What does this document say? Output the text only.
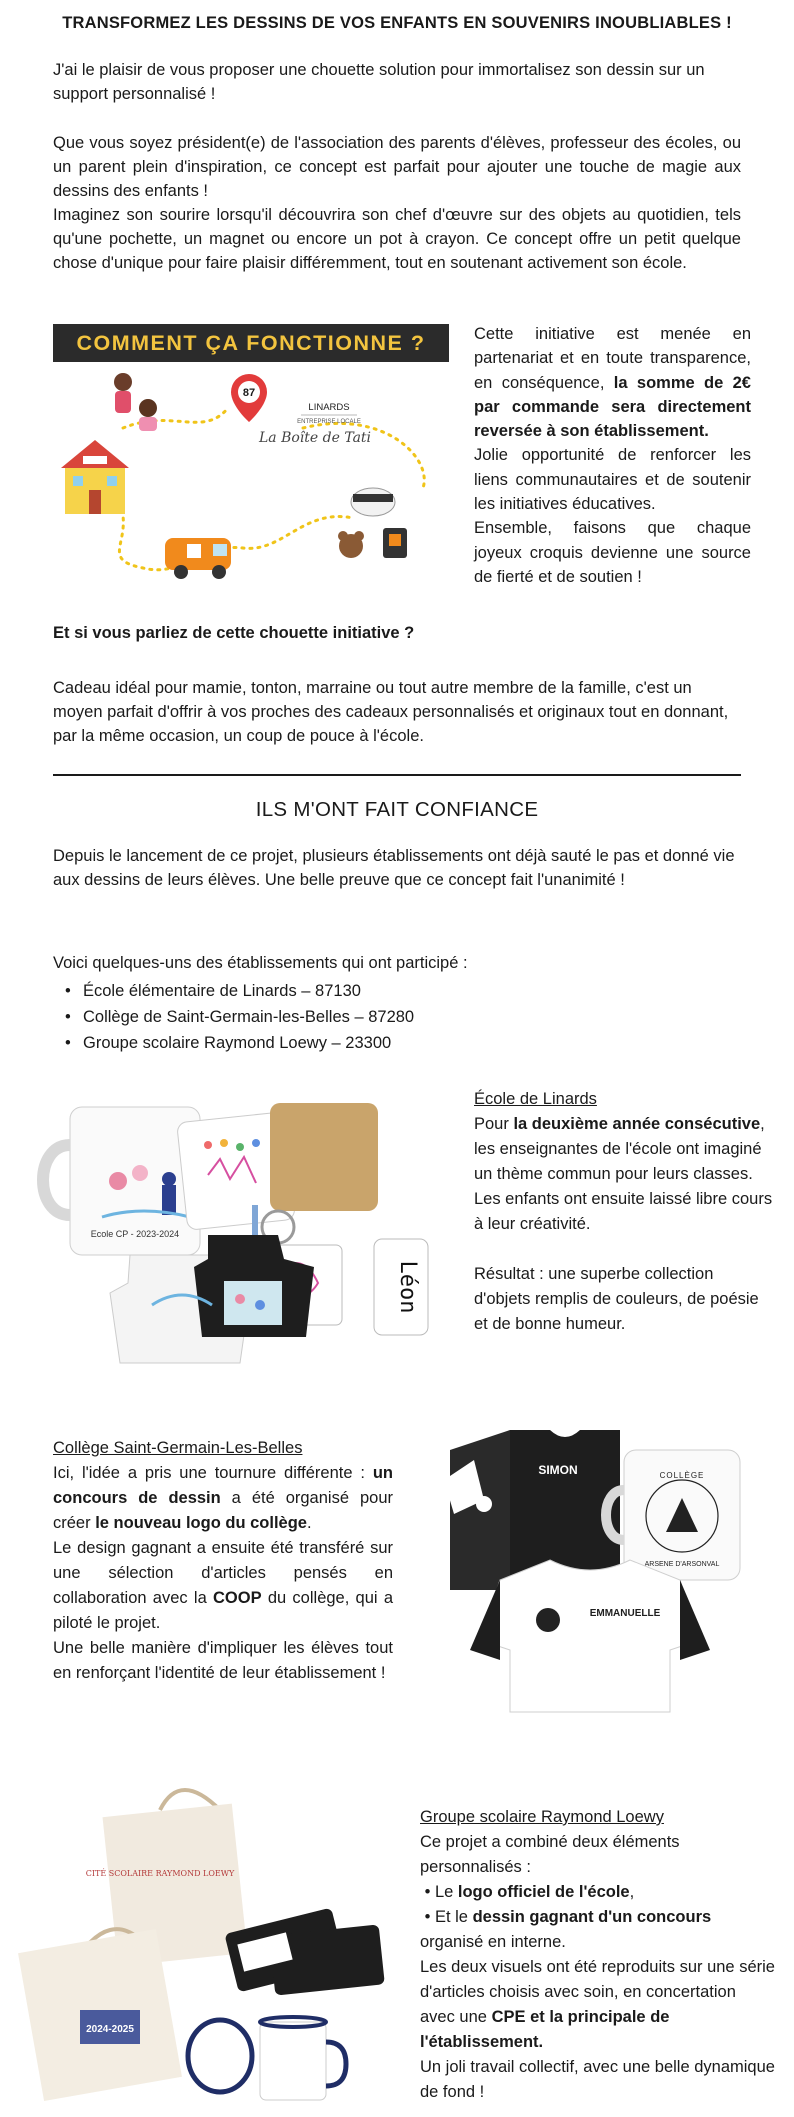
TRANSFORMEZ LES DESSINS DE VOS ENFANTS EN SOUVENIRS INOUBLIABLES !
J'ai le plaisir de vous proposer une chouette solution pour immortalisez son dessin sur un support personnalisé !
Que vous soyez président(e) de l'association des parents d'élèves, professeur des écoles, ou un parent plein d'inspiration, ce concept est parfait pour ajouter une touche de magie aux dessins des enfants !
Imaginez son sourire lorsqu'il découvrira son chef d'œuvre sur des objets au quotidien, tels qu'une pochette, un magnet ou encore un pot à crayon. Ce concept offre un petit quelque chose d'unique pour faire plaisir différemment, tout en soutenant activement son école.
COMMENT ÇA FONCTIONNE ?
87
LINARDS
ENTREPRISE LOCALE
La Boîte de Tati
Cette initiative est menée en partenariat et en toute transparence, en conséquence, la somme de 2€ par commande sera directement reversée à son établissement.
Jolie opportunité de renforcer les liens communautaires et de soutenir les initiatives éducatives.
Ensemble, faisons que chaque joyeux croquis devienne une source de fierté et de soutien !
Et si vous parliez de cette chouette initiative ?
Cadeau idéal pour mamie, tonton, marraine ou tout autre membre de la famille, c'est un moyen parfait d'offrir à vos proches des cadeaux personnalisés et originaux tout en donnant, par la même occasion, un coup de pouce à l'école.
ILS M'ONT FAIT CONFIANCE
Depuis le lancement de ce projet, plusieurs établissements ont déjà sauté le pas et donné vie aux dessins de leurs élèves. Une belle preuve que ce concept fait l'unanimité !
Voici quelques-uns des établissements qui ont participé :
• École élémentaire de Linards – 87130
• Collège de Saint-Germain-les-Belles – 87280
• Groupe scolaire Raymond Loewy – 23300
Ecole CP - 2023-2024
Léon
École de Linards
Pour la deuxième année consécutive, les enseignantes de l'école ont imaginé un thème commun pour leurs classes. Les enfants ont ensuite laissé libre cours à leur créativité.

Résultat : une superbe collection d'objets remplis de couleurs, de poésie et de bonne humeur.
Collège Saint-Germain-Les-Belles
Ici, l'idée a pris une tournure différente : un concours de dessin a été organisé pour créer le nouveau logo du collège.
Le design gagnant a ensuite été transféré sur une sélection d'articles pensés en collaboration avec la COOP du collège, qui a piloté le projet.
Une belle manière d'impliquer les élèves tout en renforçant l'identité de leur établissement !
SIMON	COLLÈGE
ARSENE D'ARSONVAL
EMMANUELLE
CITÉ SCOLAIRE RAYMOND LOEWY
2024-2025
Groupe scolaire Raymond Loewy
Ce projet a combiné deux éléments personnalisés :
• Le logo officiel de l'école,
• Et le dessin gagnant d'un concours organisé en interne.
Les deux visuels ont été reproduits sur une série d'articles choisis avec soin, en concertation avec une CPE et la principale de l'établissement.
Un joli travail collectif, avec une belle dynamique de fond !
